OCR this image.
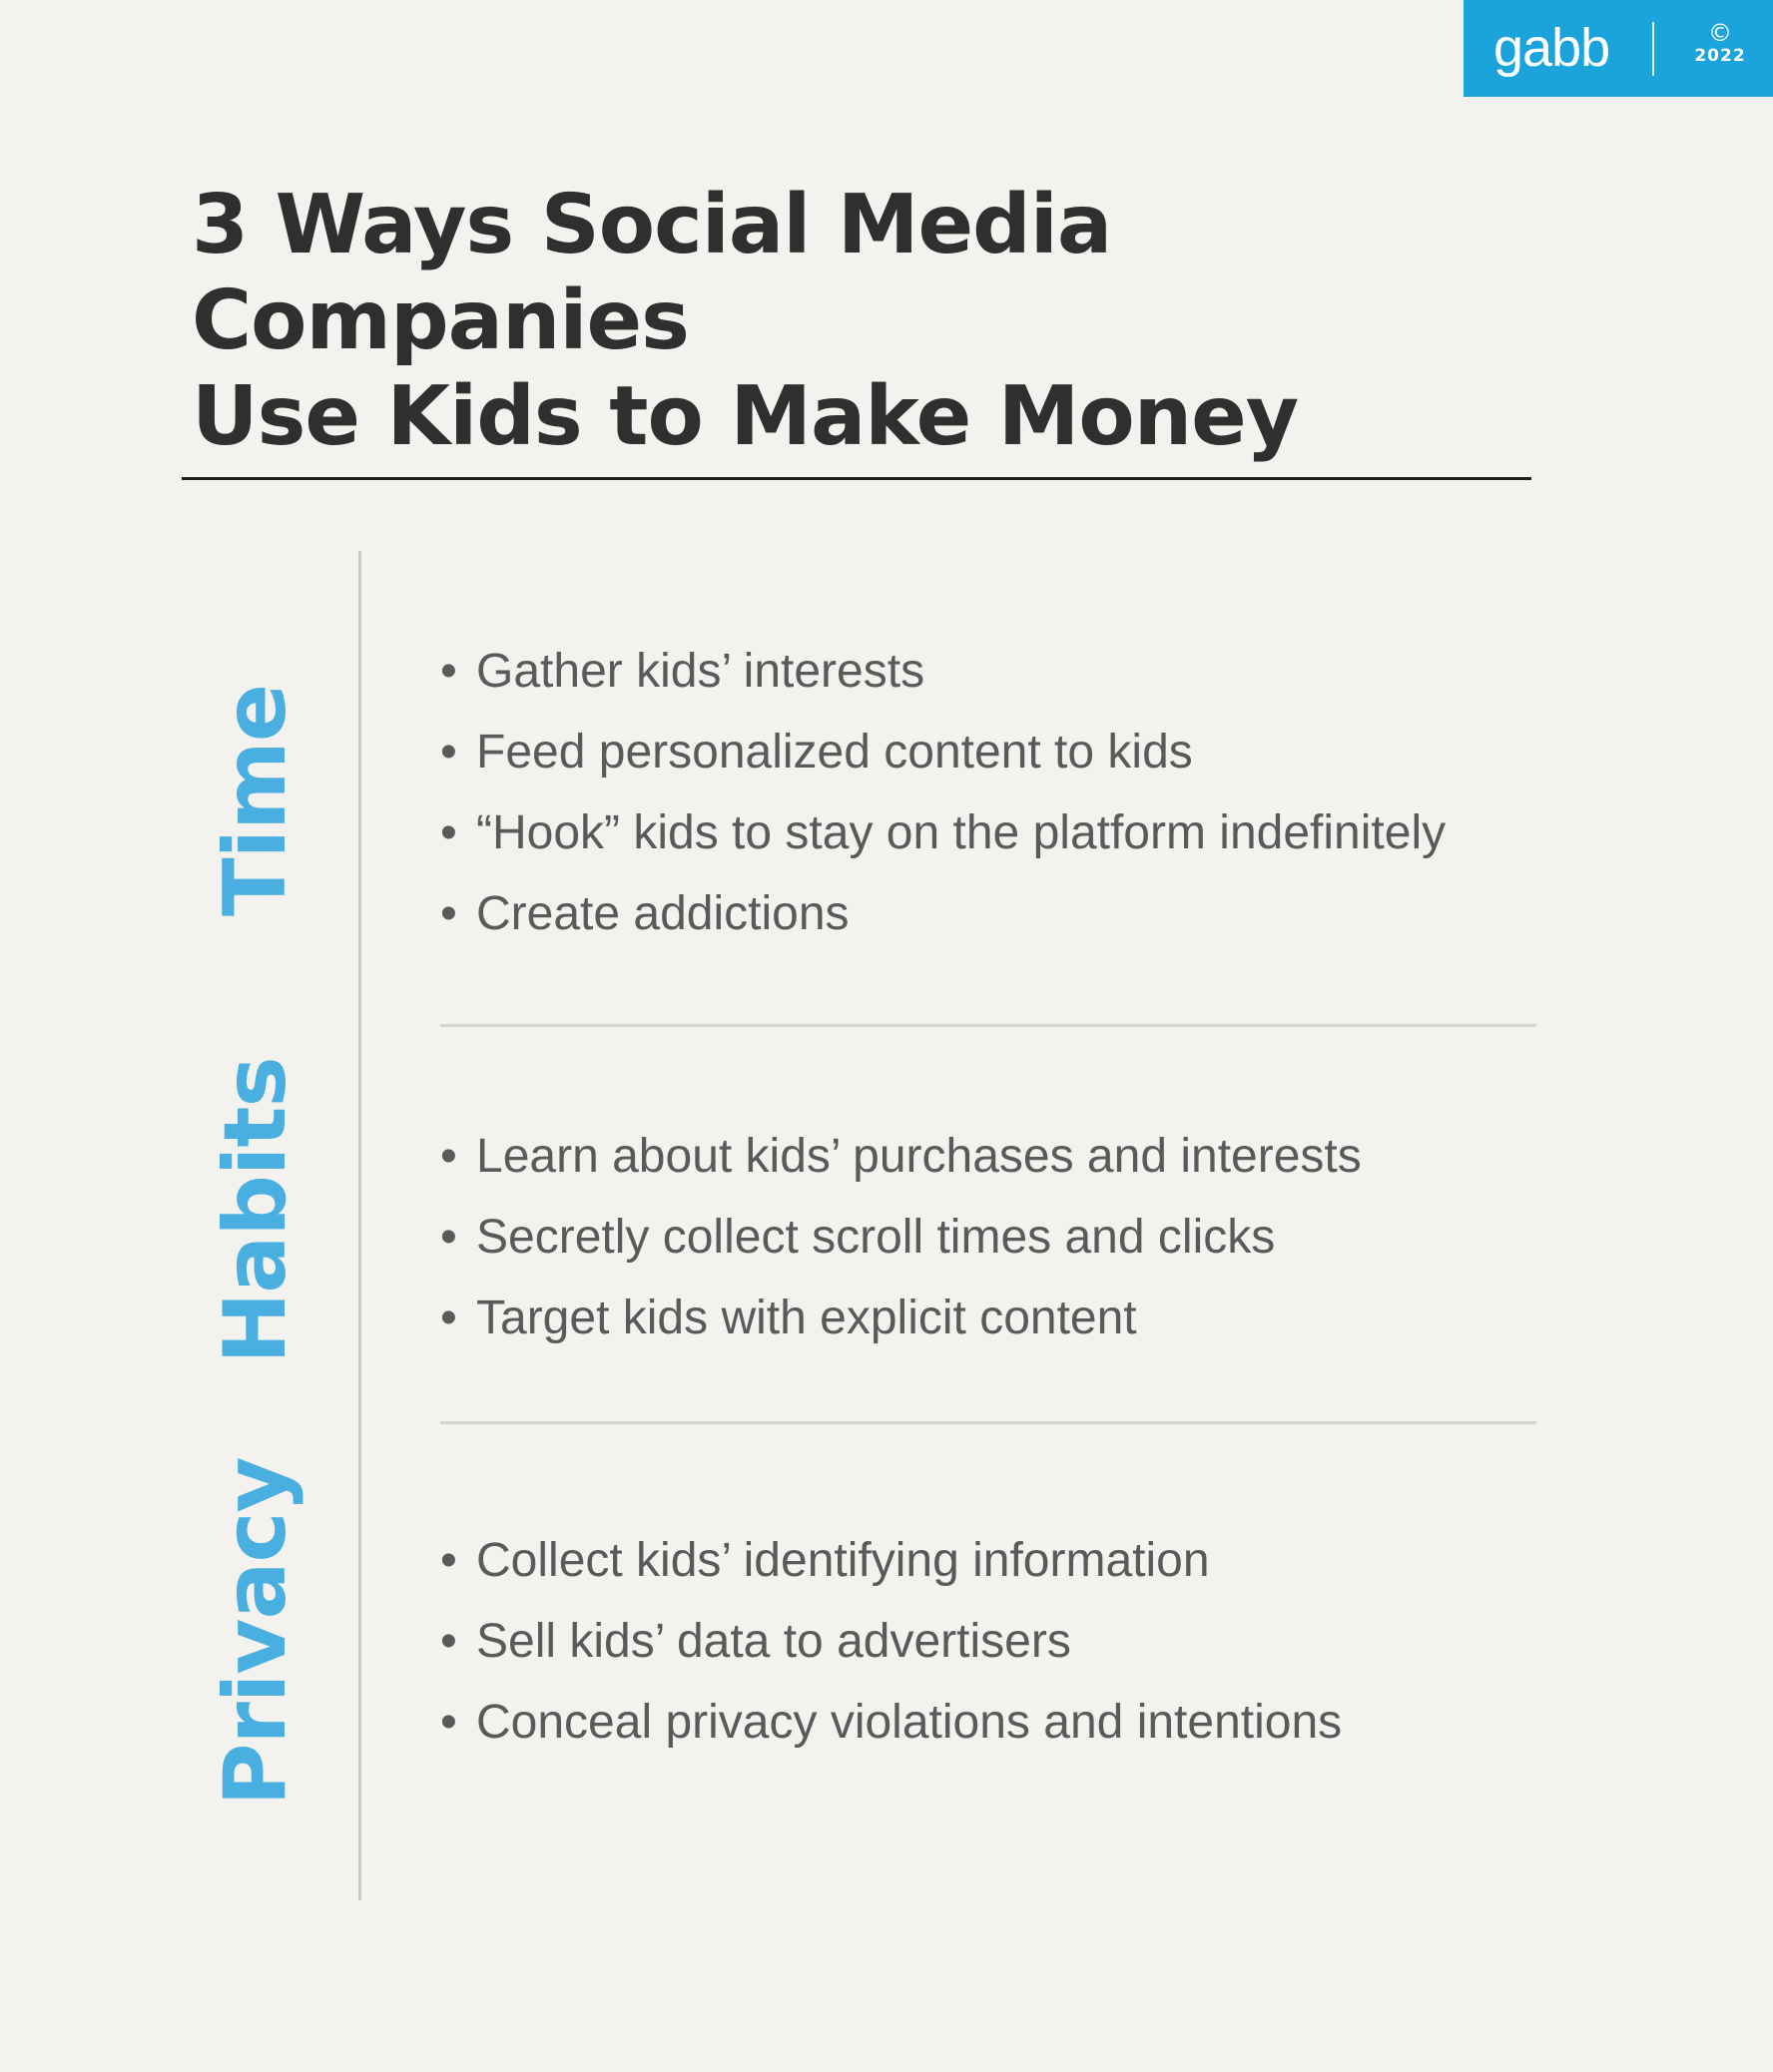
gabb	©
2022
3 Ways Social Media Companies
Use Kids to Make Money
Time
Habits
Privacy
• Gather kids’ interests
• Feed personalized content to kids
• “Hook” kids to stay on the platform indefinitely
• Create addictions
• Learn about kids’ purchases and interests
• Secretly collect scroll times and clicks
• Target kids with explicit content
• Collect kids’ identifying information
• Sell kids’ data to advertisers
• Conceal privacy violations and intentions
